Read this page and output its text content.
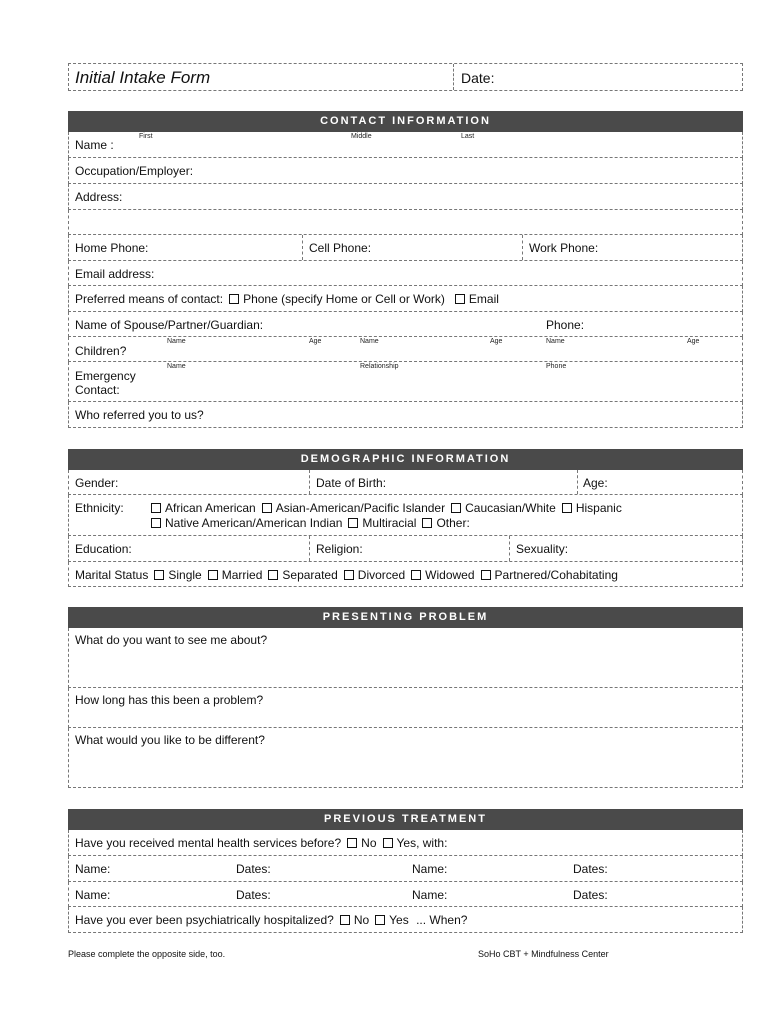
Initial Intake Form	Date:
CONTACT INFORMATION
Name :
First	Middle	Last
Occupation/Employer:
Address:
Home Phone:	Cell Phone:	Work Phone:
Email address:
Preferred means of contact: Phone (specify Home or Cell or Work) Email
Name of Spouse/Partner/Guardian:	Phone:
Children?
Name	Age	Name	Age	Name	Age
Emergency
Contact:
Name	Relationship	Phone
Who referred you to us?
DEMOGRAPHIC INFORMATION
Gender:	Date of Birth:	Age:
Ethnicity:	African American Asian-American/Pacific Islander Caucasian/White Hispanic
Native American/American Indian Multiracial Other:
Education:	Religion:	Sexuality:
Marital Status Single Married Separated Divorced Widowed Partnered/Cohabitating
PRESENTING PROBLEM
What do you want to see me about?
How long has this been a problem?
What would you like to be different?
PREVIOUS TREATMENT
Have you received mental health services before? No Yes, with:
Name:	Dates:	Name:	Dates:
Name:	Dates:	Name:	Dates:
Have you ever been psychiatrically hospitalized? No Yes ... When?
Please complete the opposite side, too.	SoHo CBT + Mindfulness Center
